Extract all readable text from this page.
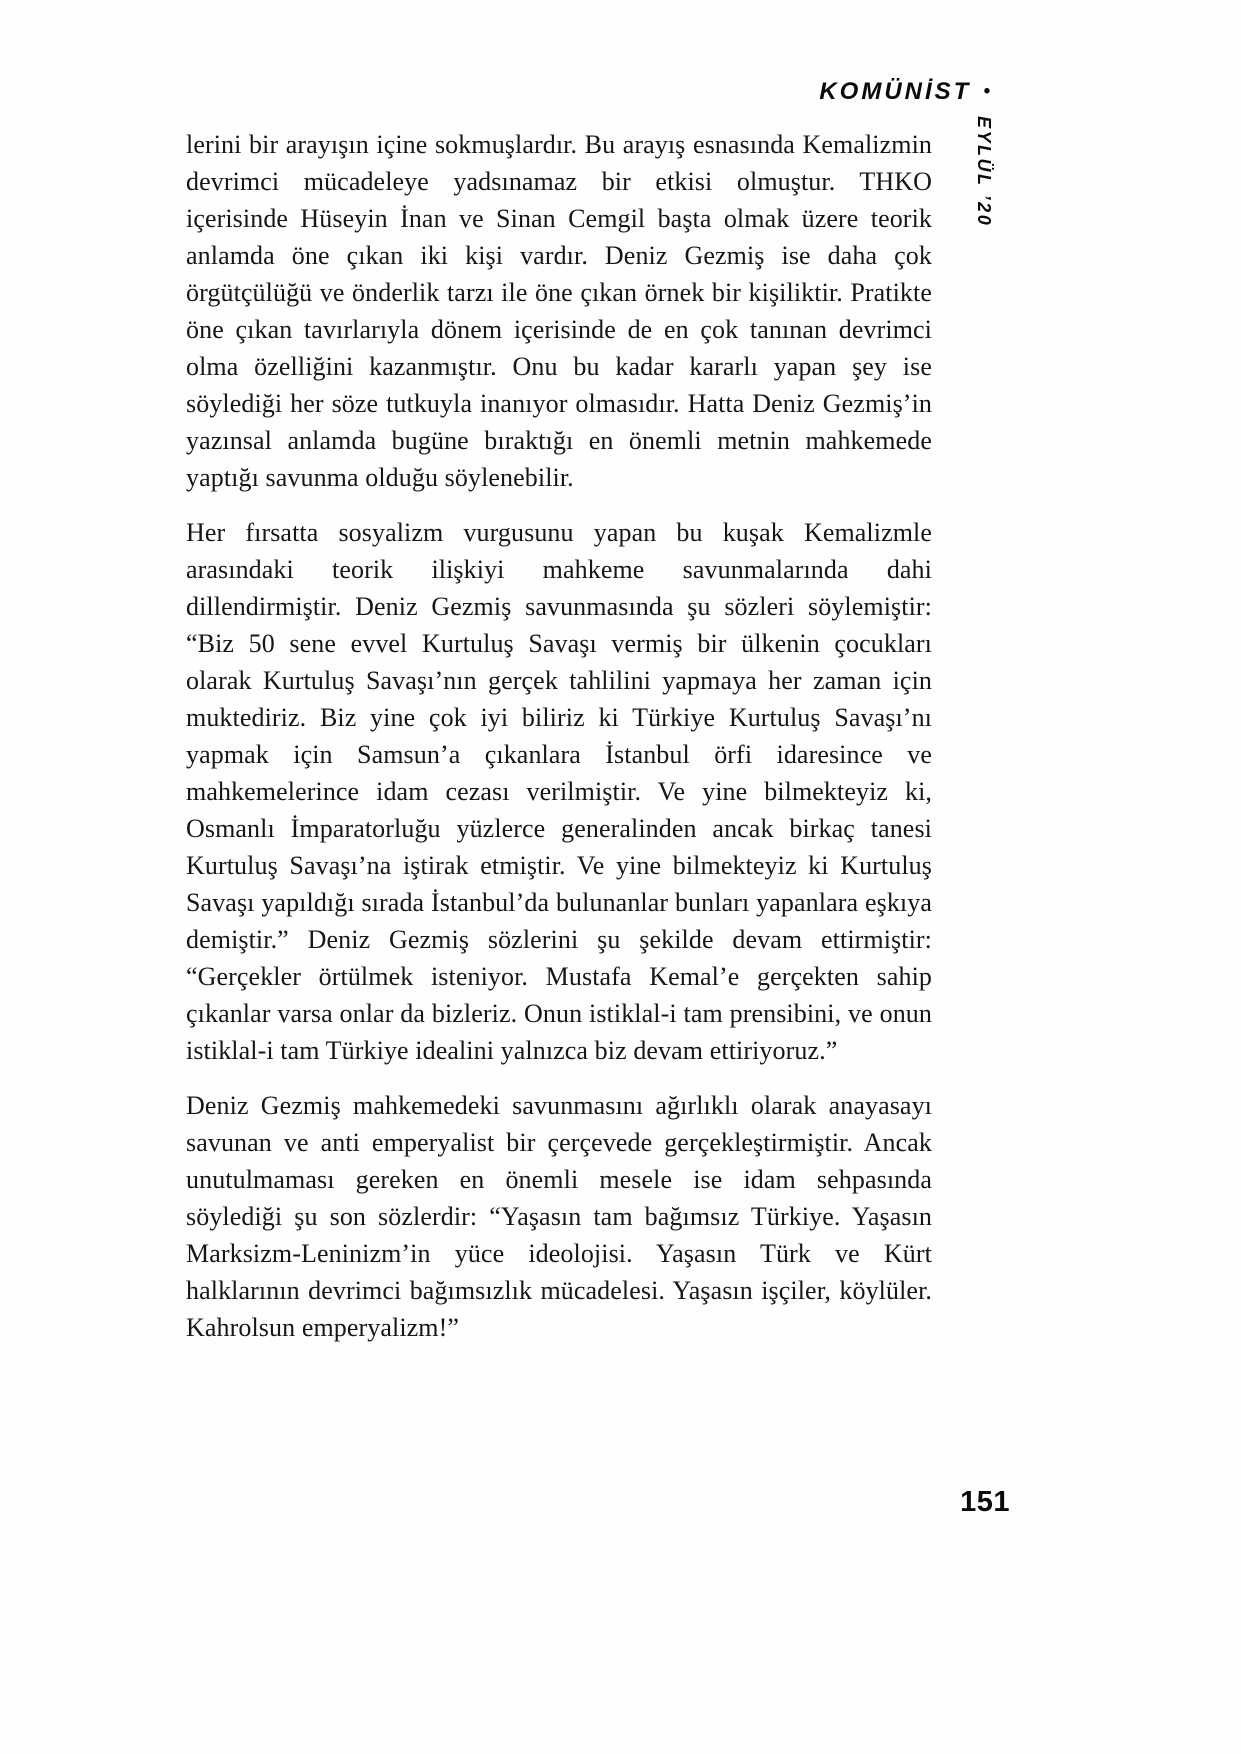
KOMÜNİST •
EYLÜL ’20

lerini bir arayışın içine sokmuşlardır. Bu arayış esnasında Kemalizmin devrimci mücadeleye yadsınamaz bir etkisi olmuştur. THKO içerisinde Hüseyin İnan ve Sinan Cemgil başta olmak üzere teorik anlamda öne çıkan iki kişi vardır. Deniz Gezmiş ise daha çok örgütçülüğü ve önderlik tarzı ile öne çıkan örnek bir kişiliktir. Pratikte öne çıkan tavırlarıyla dönem içerisinde de en çok tanınan devrimci olma özelliğini kazanmıştır. Onu bu kadar kararlı yapan şey ise söylediği her söze tutkuyla inanıyor olmasıdır. Hatta Deniz Gezmiş’in yazınsal anlamda bugüne bıraktığı en önemli metnin mahkemede yaptığı savunma olduğu söylenebilir.

Her fırsatta sosyalizm vurgusunu yapan bu kuşak Kemalizmle arasındaki teorik ilişkiyi mahkeme savunmalarında dahi dillendirmiştir. Deniz Gezmiş savunmasında şu sözleri söylemiştir: “Biz 50 sene evvel Kurtuluş Savaşı vermiş bir ülkenin çocukları olarak Kurtuluş Savaşı’nın gerçek tahlilini yapmaya her zaman için muktediriz. Biz yine çok iyi biliriz ki Türkiye Kurtuluş Savaşı’nı yapmak için Samsun’a çıkanlara İstanbul örfi idaresince ve mahkemelerince idam cezası verilmiştir. Ve yine bilmekteyiz ki, Osmanlı İmparatorluğu yüzlerce generalinden ancak birkaç tanesi Kurtuluş Savaşı’na iştirak etmiştir. Ve yine bilmekteyiz ki Kurtuluş Savaşı yapıldığı sırada İstanbul’da bulunanlar bunları yapanlara eşkıya demiştir.” Deniz Gezmiş sözlerini şu şekilde devam ettirmiştir: “Gerçekler örtülmek isteniyor. Mustafa Kemal’e gerçekten sahip çıkanlar varsa onlar da bizleriz. Onun istiklal-i tam prensibini, ve onun istiklal-i tam Türkiye idealini yalnızca biz devam ettiriyoruz.”

Deniz Gezmiş mahkemedeki savunmasını ağırlıklı olarak anayasayı savunan ve anti emperyalist bir çerçevede gerçekleştirmiştir. Ancak unutulmaması gereken en önemli mesele ise idam sehpasında söylediği şu son sözlerdir: “Yaşasın tam bağımsız Türkiye. Yaşasın Marksizm-Leninizm’in yüce ideolojisi. Yaşasın Türk ve Kürt halklarının devrimci bağımsızlık mücadelesi. Yaşasın işçiler, köylüler. Kahrolsun emperyalizm!”

151
